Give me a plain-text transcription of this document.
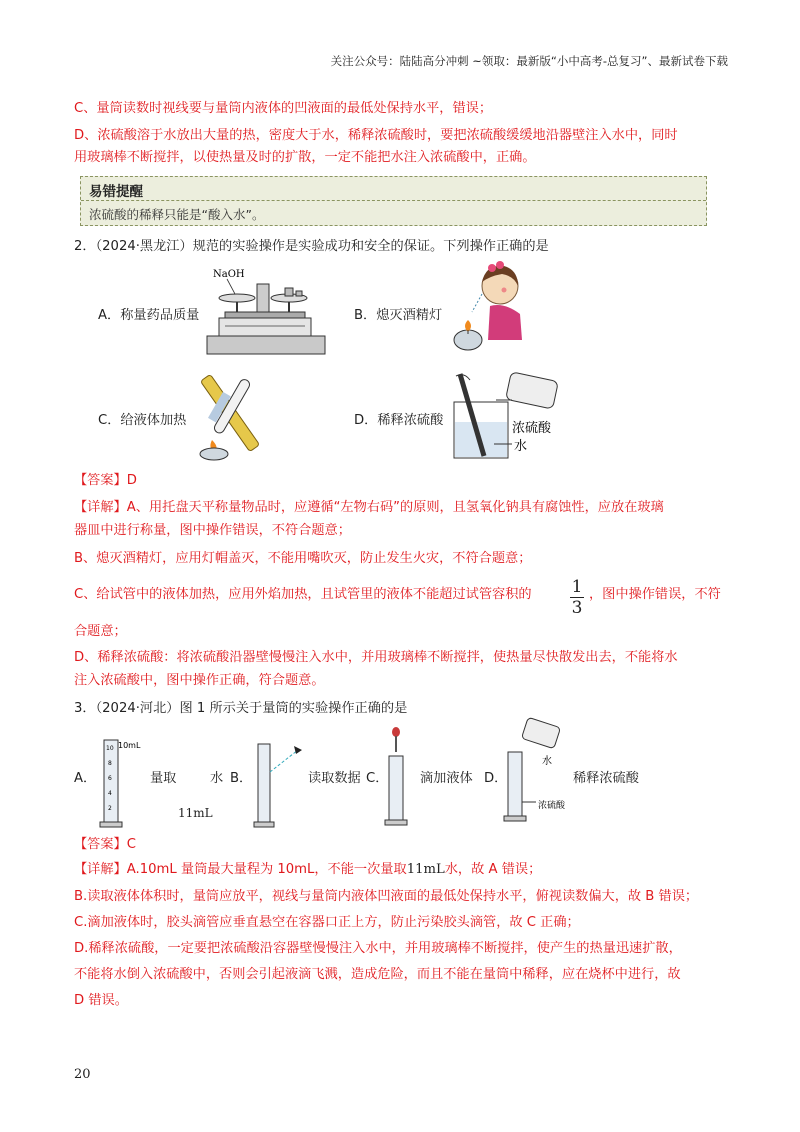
关注公众号：陆陆高分冲刺 ~领取：最新版“小中高考-总复习”、最新试卷下载
C、量筒读数时视线要与量筒内液体的凹液面的最低处保持水平，错误；
D、浓硫酸溶于水放出大量的热，密度大于水，稀释浓硫酸时，要把浓硫酸缓缓地沿器壁注入水中，同时
用玻璃棒不断搅拌，以使热量及时的扩散，一定不能把水注入浓硫酸中，正确。
易错提醒
浓硫酸的稀释只能是“酸入水”。
2．（2024·黑龙江）规范的实验操作是实验成功和安全的保证。下列操作正确的是
NaOH
A．称量药品质量	B．熄灭酒精灯
C．给液体加热
浓硫酸
水
D．稀释浓硫酸
【答案】D
【详解】A、用托盘天平称量物品时，应遵循“左物右码”的原则，且氢氧化钠具有腐蚀性，应放在玻璃
器皿中进行称量，图中操作错误，不符合题意；
B、熄灭酒精灯，应用灯帽盖灭，不能用嘴吹灭，防止发生火灾，不符合题意；
C、给试管中的液体加热，应用外焰加热，且试管里的液体不能超过试管容积的 1
3
，图中操作错误，不符
合题意；
D、稀释浓硫酸：将浓硫酸沿器壁慢慢注入水中，并用玻璃棒不断搅拌，使热量尽快散发出去，不能将水
注入浓硫酸中，图中操作正确，符合题意。
3．（2024·河北）图 1 所示关于量筒的实验操作正确的是
10mL
10
8
6
4
2
A．	量取	水
11mL
B．	读取数据 C． 滴加液体
水
浓硫酸
D．	稀释浓硫酸
【答案】C
【详解】A.10mL 量筒最大量程为 10mL，不能一次量取11mL水，故 A 错误；
B.读取液体体积时，量筒应放平，视线与量筒内液体凹液面的最低处保持水平，俯视读数偏大，故 B 错误；
C.滴加液体时，胶头滴管应垂直悬空在容器口正上方，防止污染胶头滴管，故 C 正确；
D.稀释浓硫酸，一定要把浓硫酸沿容器壁慢慢注入水中，并用玻璃棒不断搅拌，使产生的热量迅速扩散，
不能将水倒入浓硫酸中，否则会引起液滴飞溅，造成危险，而且不能在量筒中稀释，应在烧杯中进行，故
D 错误。
20
